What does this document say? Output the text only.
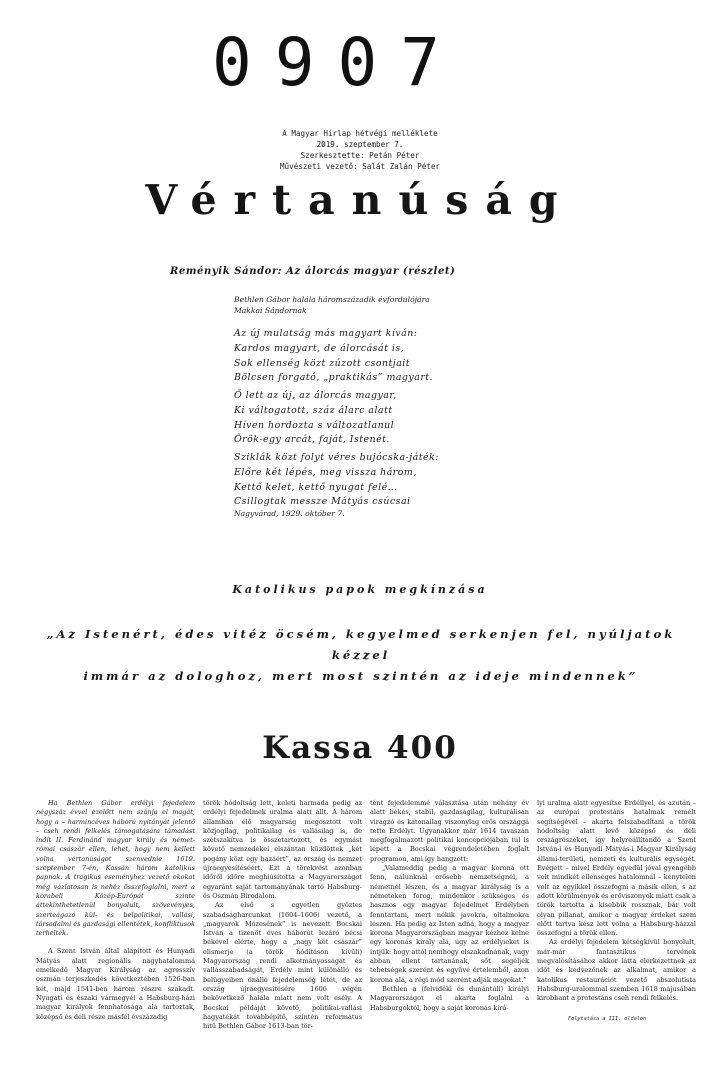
0907
A Magyar Hírlap hétvégi melléklete
2019. szeptember 7.
Szerkesztette: Petán Péter
Művészeti vezető: Salát Zalán Péter
Vértanúság
Reményik Sándor: Az álorcás magyar (részlet)
Bethlen Gábor halála háromszázadik évfordulójára
Makkai Sándornak
Az új mulatság más magyart kíván:
Kardos magyart, de álorcását is,
Sok ellenség közt zúzott csontjait
Bölcsen forgató, „praktikás” magyart.
Ő lett az új, az álorcás magyar,
Ki váltogatott, száz álarc alatt
Híven hordozta s változatlanul
Örök-egy arcát, faját, Istenét.
Sziklák közt folyt véres bujócska-játék:
Előre két lépés, meg vissza három,
Kettő kelet, kettő nyugat felé…
Csillogtak messze Mátyás csúcsai
Nagyvárad, 1929. október 7.
Katolikus papok megkínzása
„Az Istenért, édes vitéz öcsém, kegyelmed serkenjen fel, nyúljatok kézzel
immár az dologhoz, mert most szintén az ideje mindennek”
Kassa 400

Ha Bethlen Gábor erdélyi fejedelem négyszáz évvel ezelőtt nem szánja el magát, hogy a – harmincéves háború nyitányát jelentő – cseh rendi felkelés támogatására támadást indít II. Ferdinánd magyar király és német-római császár ellen, lehet, hogy nem kellett volna vértanúságot szenvednie 1619. szeptember 7-én, Kassán három katolikus papnak. A tragikus eseményhez vezető okokat még vázlatosan is nehéz összefoglalni, mert a korabeli Közép-Európát szinte áttekinthetetlenül bonyolult, szövevényes, szerteágazó kül- és belpolitikai, vallási, társadalmi és gazdasági ellentétek, konfliktusok terhelték.

A Szent István által alapított és Hunyadi Mátyás alatt regionális nagyhatalommá emelkedő Magyar Királyság az agresszív oszmán terjeszkedés következtében 1526-ban két, majd 1541-ben három részre szakadt. Nyugati és északi vármegyéi a Habsburg-házi magyar királyok fennhatósága alá tartoztak, középső és déli része másfél évszázadig

török hódoltság lett, keleti harmada pedig az erdélyi fejedelmek uralma alatt állt. A három államban élő magyarság megosztott volt közjogilag, politikailag és vallásilag is, de szétszakítva is összetartozott, és egymást követő nemzedékei elszántan küzdöttek „két pogány közt egy hazáért”, az ország és nemzet újraegyesítéséért. Ezt a törekvést azonban időről időre meghiúsította a Magyarországot egyaránt saját tartományának tartó Habsburg- és Oszmán Birodalom.

Az első s egyetlen győztes szabadságharcunkat (1604–1606) vezető, a „magyarok Mózesének” is nevezett Bocskai István a tizenöt éves háborút lezáró bécsi békével elérte, hogy a „nagy két császár” elismerje (a török hódításon kívüli) Magyarország rendi alkotmányosságát és vallásszabadságát, Erdély mint különálló és belügyeiben önálló fejedelemség létét, de az ország újraegyesítésére 1606 végén bekövetkező halála miatt nem volt esély. A Bocskai példáját követő, politikai-vallási hagyatékát továbbépítő, szintén református hitű Bethlen Gábor 1613-ban tör-

tént fejedelemmé választása után néhány év alatt békés, stabil, gazdaságilag, kulturálisan virágzó és katonailag viszonylag erős országgá tette Erdélyt. Ugyanakkor már 1614 tavaszán megfogalmazott politikai koncepciójában túl is lépett a Bocskai végrendeletében foglalt programon, ami így hangzott:

„Valameddig pedig a magyar korona ott fenn, nálunknál erősebb nemzetségnél, a németnél lészen, és a magyar királyság is a németeken forog, mindenkor szükséges és hasznos egy magyar fejedelmet Erdélyben fenntartani, mert nékik javokra, oltalmokra lészen. Ha pedig az Isten adná, hogy a magyar korona Magyarországban magyar kézhez kelne egy koronás király alá, úgy az erdélyieket is intjük: hogy attól nemhogy elszakadnának, vagy abban ellent tartanának, sőt segéljék tehetségek szerént és együvé értelemből, azon korona alá, a régi mód szerént adják magokat.”

Bethlen a (felvidéki és dunántúli) királyi Magyarországot el akarta foglalni a Habsburgoktól, hogy a saját koronás kirá-

lyi uralma alatt egyesítse Erdéllyel, és azután – az európai protestáns hatalmak remélt segítségével – akarta felszabadítani a török hódoltság alatt levő középső és déli országrészeket, így helyreállítandó a Szent István-i és Hunyadi Mátyás-i Magyar Királyság állami-területi, nemzeti és kulturális egységét. Evégett – mivel Erdély egyedül jóval gyengébb volt mindkét ellenséges hatalomnál – kénytelen volt az egyikkel összefogni a másik ellen, s az adott körülmények és erőviszonyok miatt csak a török tartotta a kisebbik rossznak, bár volt olyan pillanat, amikor a magyar érdeket szem előtt tartva kész lett volna a Habsburg-házzal összefogni a török ellen.

Az erdélyi fejedelem kétségkívül bonyolult, már-már fantasztikus tervének megvalósításához akkor látta elérkezettnek az időt és kedvezőnek az alkalmat, amikor a katolikus restaurációt vezető abszolutista Habsburg-uralommal szemben 1618 májusában kirobbant a protestáns cseh rendi felkelés.

Folytatása a III. oldalon
